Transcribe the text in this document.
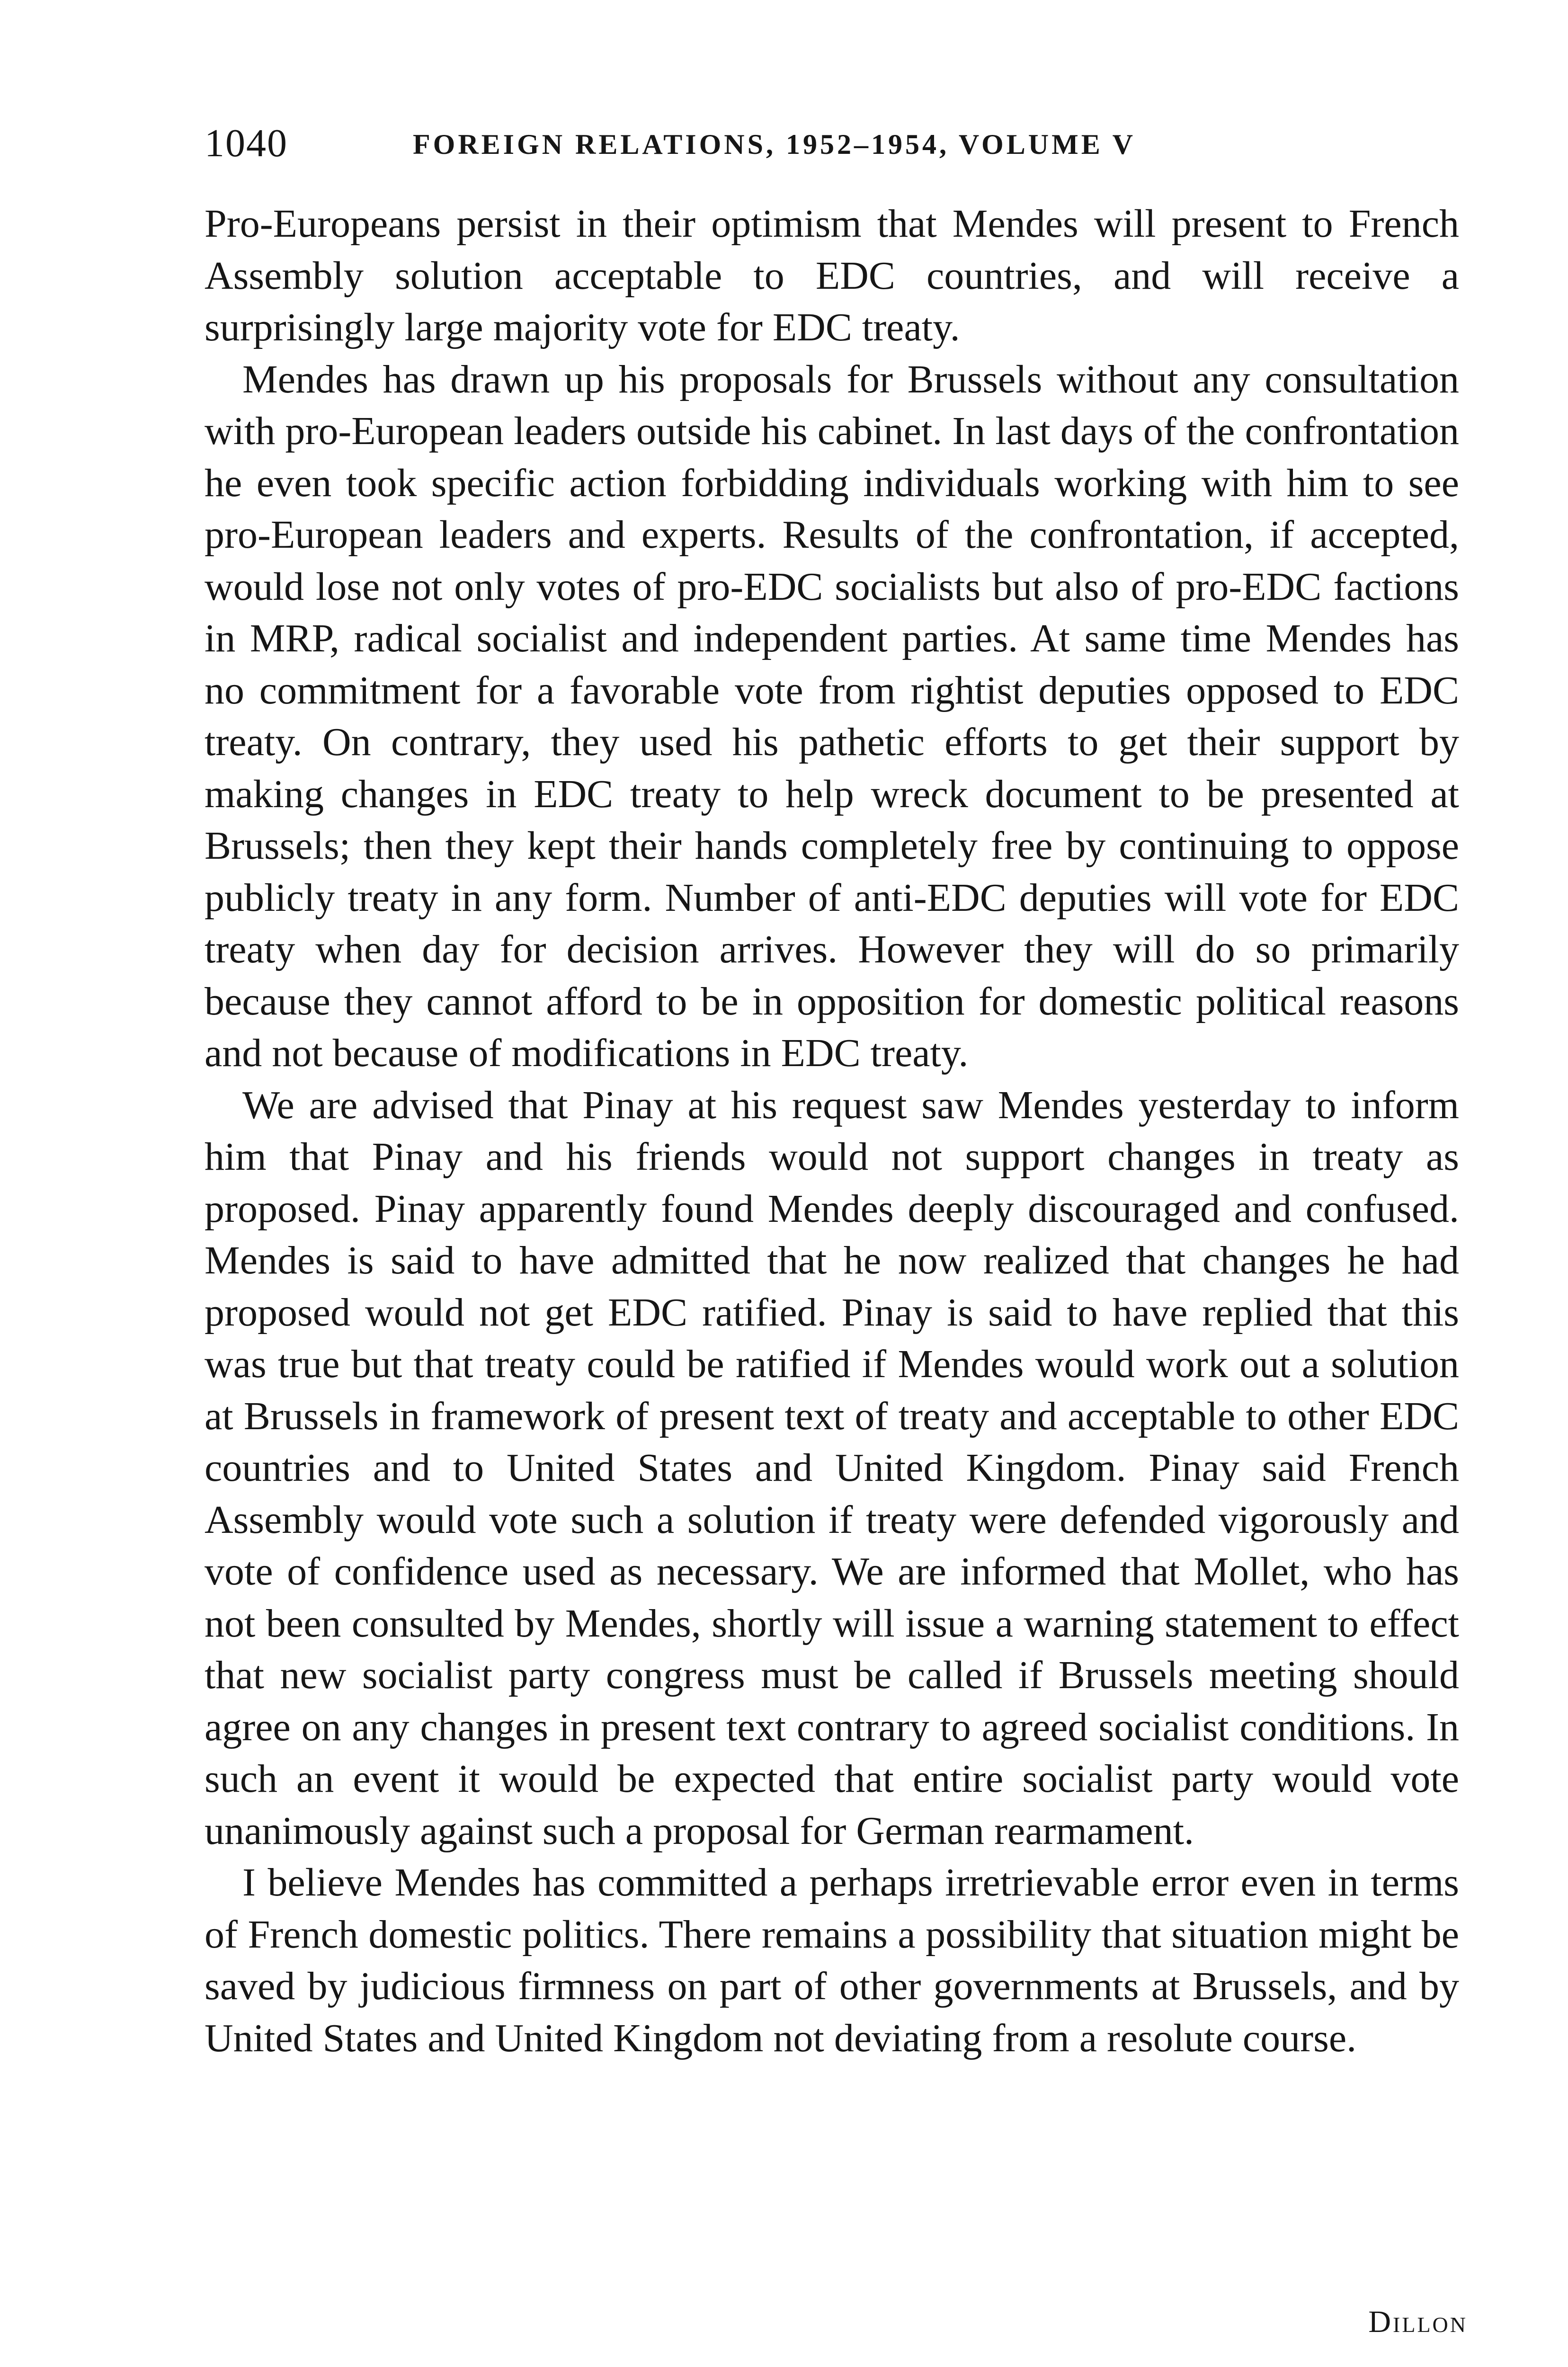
1040	FOREIGN RELATIONS, 1952–1954, VOLUME V

Pro-Europeans persist in their optimism that Mendes will present to French Assembly solution acceptable to EDC countries, and will receive a surprisingly large majority vote for EDC treaty.

Mendes has drawn up his proposals for Brussels without any consultation with pro-European leaders outside his cabinet. In last days of the confrontation he even took specific action forbidding individuals working with him to see pro-European leaders and experts. Results of the confrontation, if accepted, would lose not only votes of pro-EDC socialists but also of pro-EDC factions in MRP, radical socialist and independent parties. At same time Mendes has no commitment for a favorable vote from rightist deputies opposed to EDC treaty. On contrary, they used his pathetic efforts to get their support by making changes in EDC treaty to help wreck document to be presented at Brussels; then they kept their hands completely free by continuing to oppose publicly treaty in any form. Number of anti-EDC deputies will vote for EDC treaty when day for decision arrives. However they will do so primarily because they cannot afford to be in opposition for domestic political reasons and not because of modifications in EDC treaty.

We are advised that Pinay at his request saw Mendes yesterday to inform him that Pinay and his friends would not support changes in treaty as proposed. Pinay apparently found Mendes deeply discouraged and confused. Mendes is said to have admitted that he now realized that changes he had proposed would not get EDC ratified. Pinay is said to have replied that this was true but that treaty could be ratified if Mendes would work out a solution at Brussels in framework of present text of treaty and acceptable to other EDC countries and to United States and United Kingdom. Pinay said French Assembly would vote such a solution if treaty were defended vigorously and vote of confidence used as necessary. We are informed that Mollet, who has not been consulted by Mendes, shortly will issue a warning statement to effect that new socialist party congress must be called if Brussels meeting should agree on any changes in present text contrary to agreed socialist conditions. In such an event it would be expected that entire socialist party would vote unanimously against such a proposal for German rearmament.

I believe Mendes has committed a perhaps irretrievable error even in terms of French domestic politics. There remains a possibility that situation might be saved by judicious firmness on part of other governments at Brussels, and by United States and United Kingdom not deviating from a resolute course.

Dillon
